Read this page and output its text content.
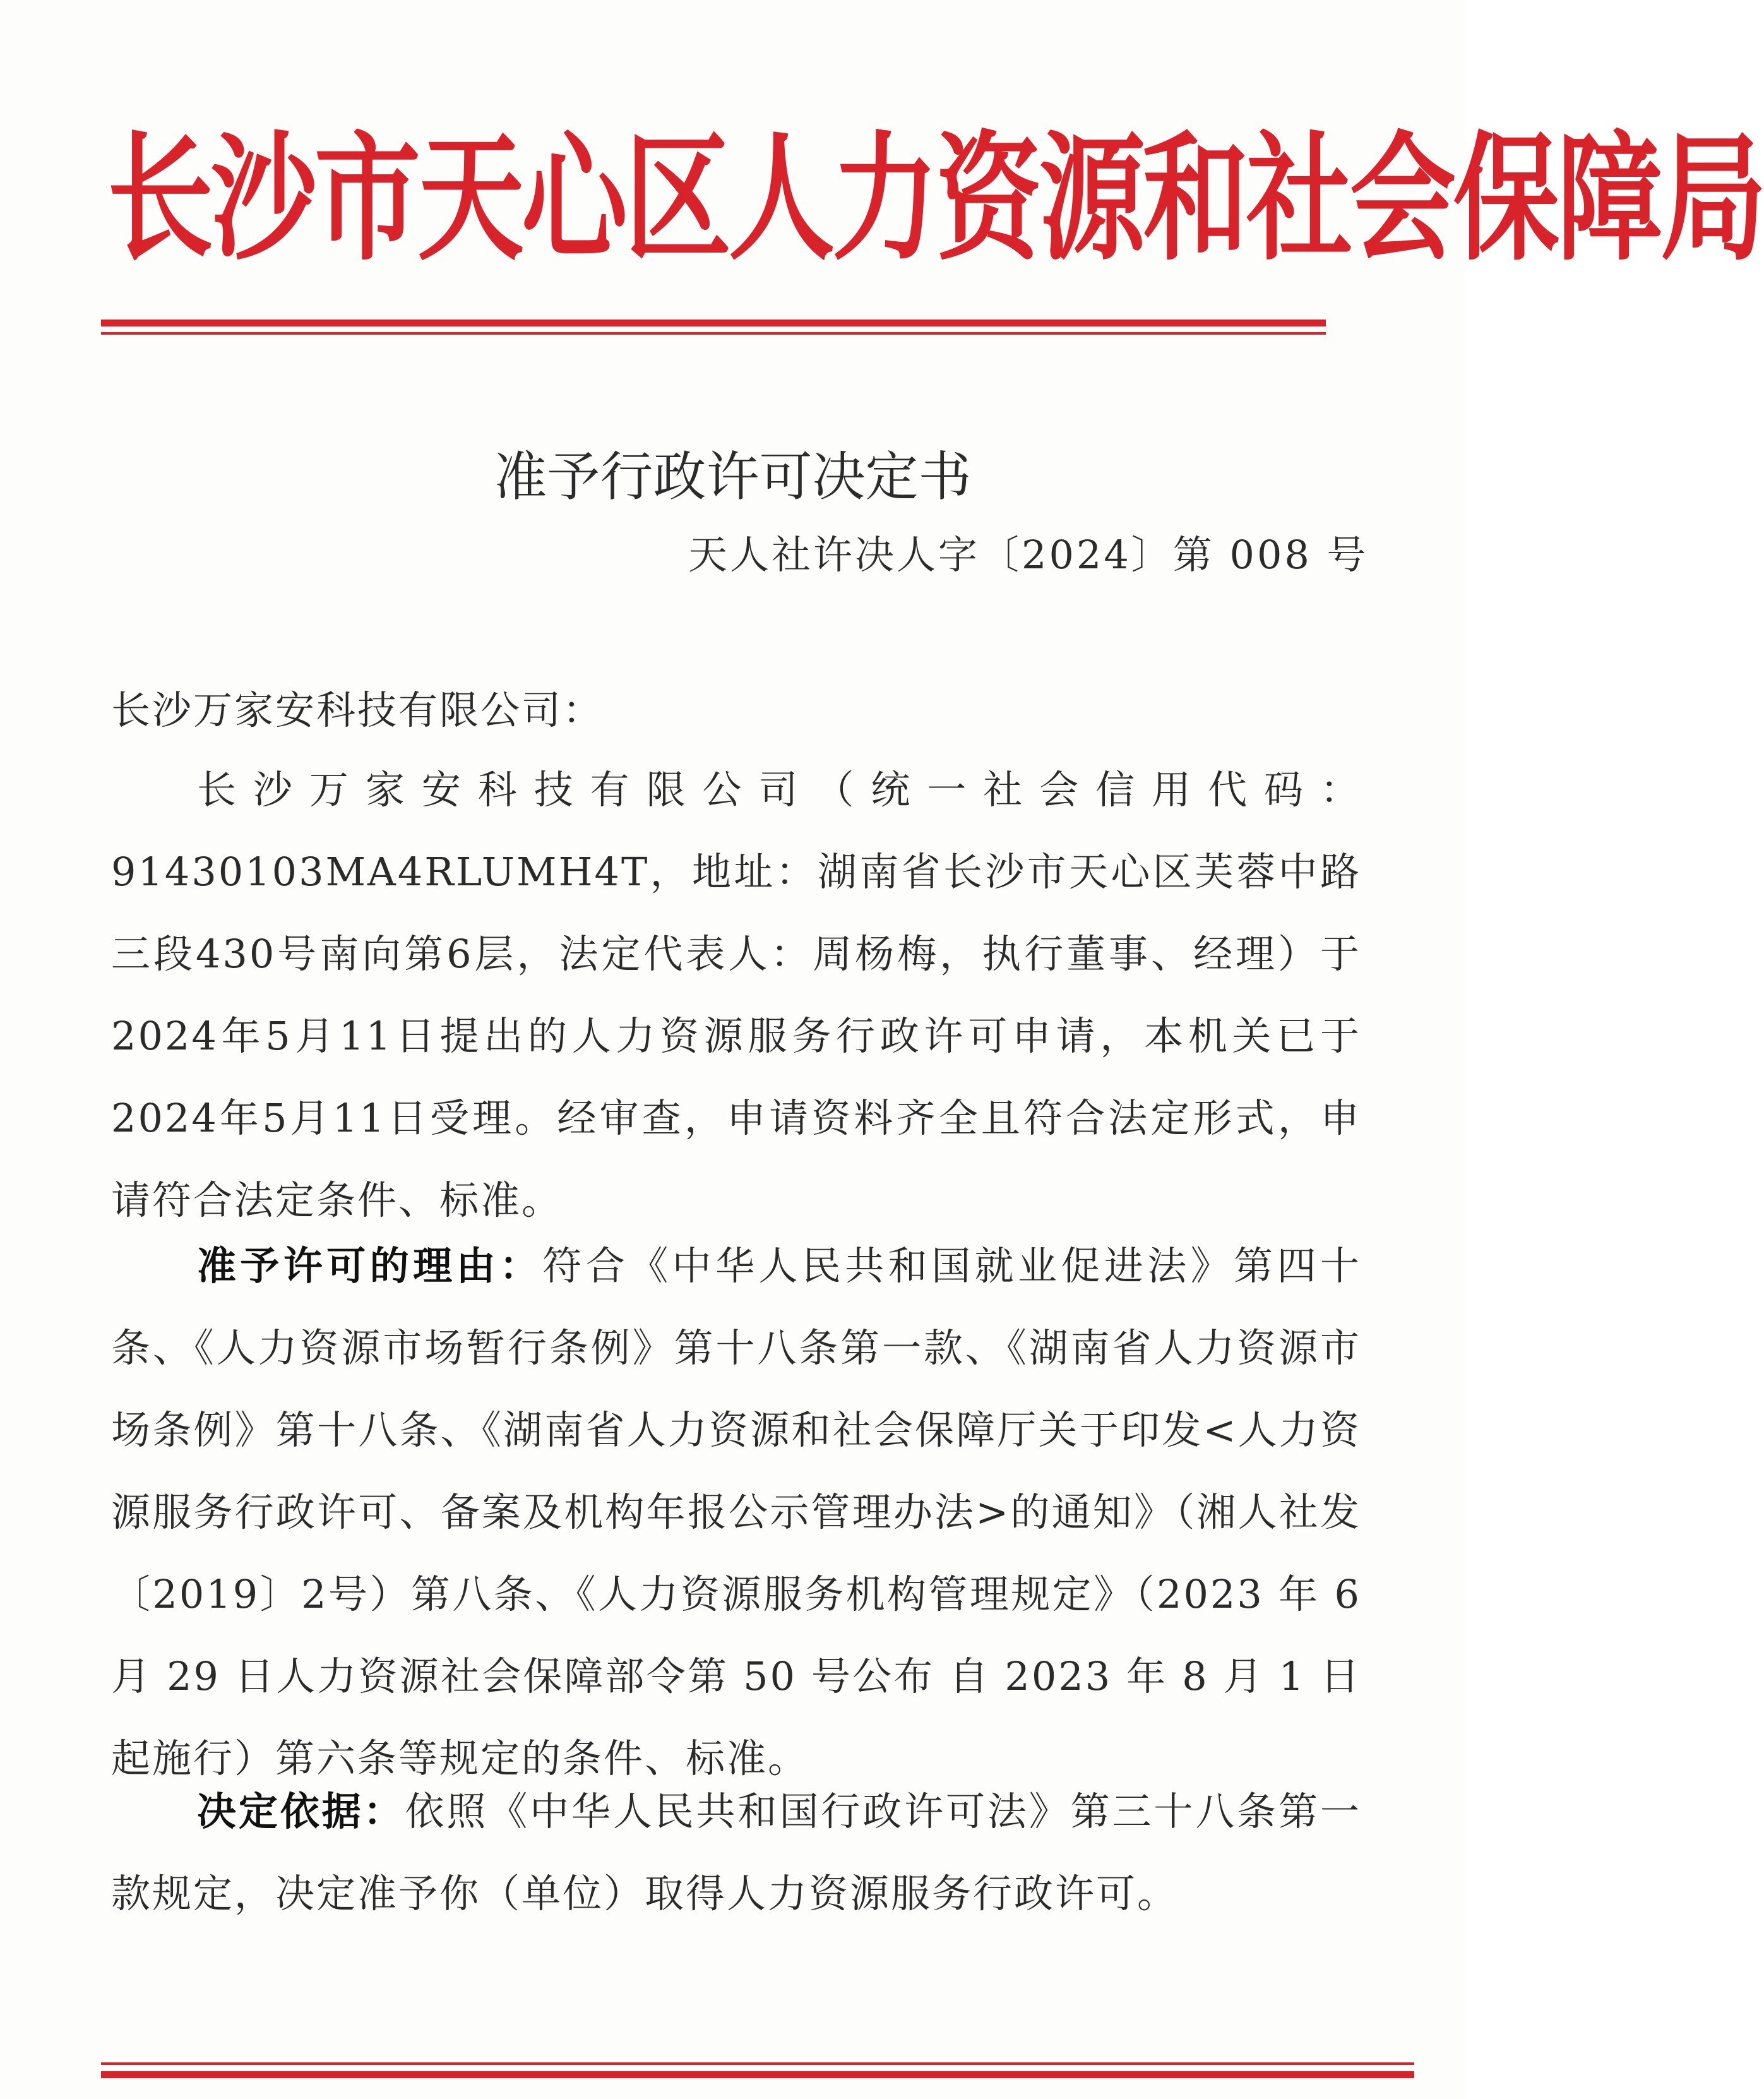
长沙市天心区人力资源和社会保障局
准予行政许可决定书
天人社许决人字〔2024〕第 008 号
长沙万家安科技有限公司：

长沙万家安科技有限公司（统一社会信用代码：91430103MA4RLUMH4T，地址：湖南省长沙市天心区芙蓉中路三段430号南向第6层，法定代表人：周杨梅，执行董事、经理）于2024年5月11日提出的人力资源服务行政许可申请，本机关已于2024年5月11日受理。经审查，申请资料齐全且符合法定形式，申请符合法定条件、标准。

准予许可的理由：符合《中华人民共和国就业促进法》第四十条、《人力资源市场暂行条例》第十八条第一款、《湖南省人力资源市场条例》第十八条、《湖南省人力资源和社会保障厅关于印发<人力资源服务行政许可、备案及机构年报公示管理办法>的通知》（湘人社发〔2019〕2号）第八条、《人力资源服务机构管理规定》（2023 年 6 月 29 日人力资源社会保障部令第 50 号公布 自 2023 年 8 月 1 日起施行）第六条等规定的条件、标准。

决定依据：依照《中华人民共和国行政许可法》第三十八条第一款规定，决定准予你（单位）取得人力资源服务行政许可。
